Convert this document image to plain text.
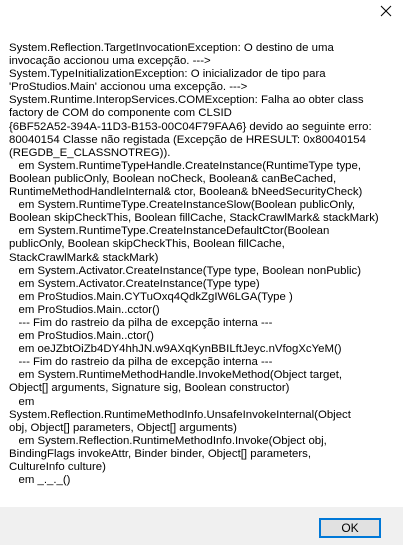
System.Reflection.TargetInvocationException: O destino de uma
invocação accionou uma excepção. --->
System.TypeInitializationException: O inicializador de tipo para
'ProStudios.Main' accionou uma excepção. --->
System.Runtime.InteropServices.COMException: Falha ao obter class
factory de COM do componente com CLSID
{6BF52A52-394A-11D3-B153-00C04F79FAA6} devido ao seguinte erro:
80040154 Classe não registada (Excepção de HRESULT: 0x80040154
(REGDB_E_CLASSNOTREG)).
em System.RuntimeTypeHandle.CreateInstance(RuntimeType type,
Boolean publicOnly, Boolean noCheck, Boolean& canBeCached,
RuntimeMethodHandleInternal& ctor, Boolean& bNeedSecurityCheck)
em System.RuntimeType.CreateInstanceSlow(Boolean publicOnly,
Boolean skipCheckThis, Boolean fillCache, StackCrawlMark& stackMark)
em System.RuntimeType.CreateInstanceDefaultCtor(Boolean
publicOnly, Boolean skipCheckThis, Boolean fillCache,
StackCrawlMark& stackMark)
em System.Activator.CreateInstance(Type type, Boolean nonPublic)
em System.Activator.CreateInstance(Type type)
em ProStudios.Main.CYTuOxq4QdkZgIW6LGA(Type )
em ProStudios.Main..cctor()
--- Fim do rastreio da pilha de excepção interna ---
em ProStudios.Main..ctor()
em oeJZbtOiZb4DY4hhJN.w9AXqKynBBILftJeyc.nVfogXcYeM()
--- Fim do rastreio da pilha de excepção interna ---
em System.RuntimeMethodHandle.InvokeMethod(Object target,
Object[] arguments, Signature sig, Boolean constructor)
em
System.Reflection.RuntimeMethodInfo.UnsafeInvokeInternal(Object
obj, Object[] parameters, Object[] arguments)
em System.Reflection.RuntimeMethodInfo.Invoke(Object obj,
BindingFlags invokeAttr, Binder binder, Object[] parameters,
CultureInfo culture)
em _._._()
OK
